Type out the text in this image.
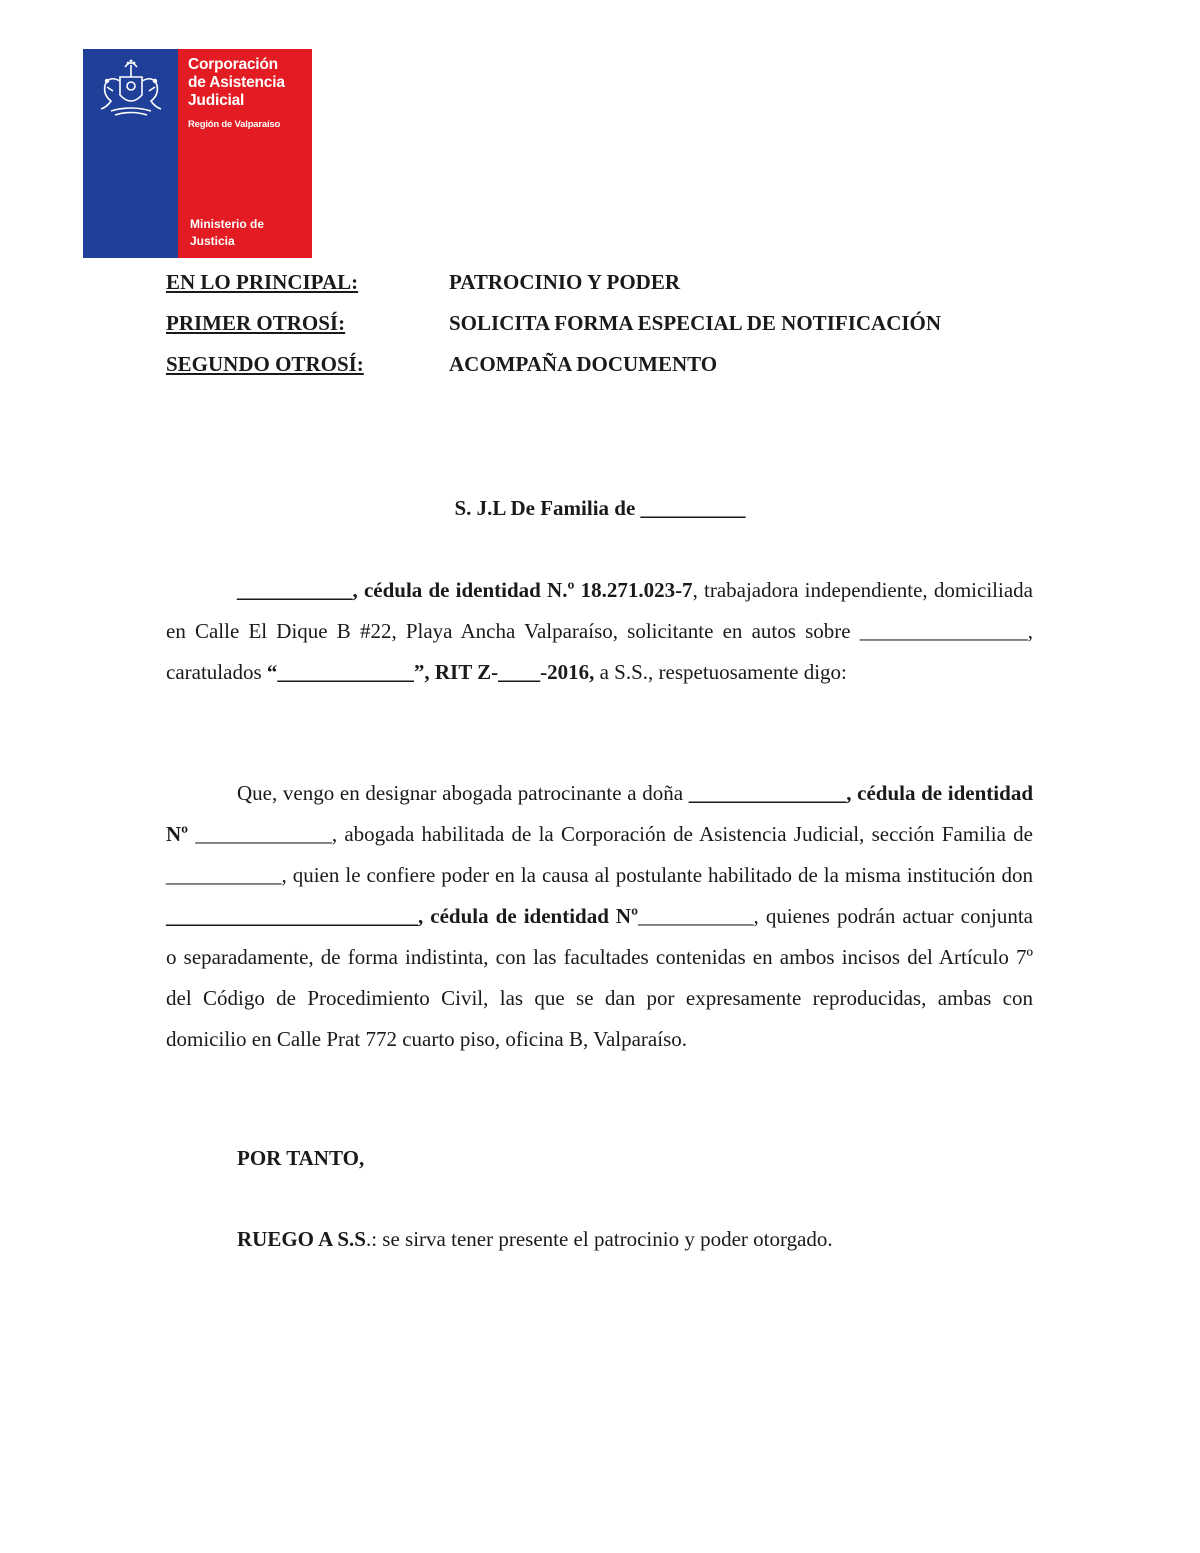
Corporación
de Asistencia
Judicial
Región de Valparaíso
Ministerio de
Justicia
EN LO PRINCIPAL:	PATROCINIO Y PODER
PRIMER OTROSÍ:	SOLICITA FORMA ESPECIAL DE NOTIFICACIÓN
SEGUNDO OTROSÍ:	ACOMPAÑA DOCUMENTO
S. J.L De Familia de __________
___________, cédula de identidad N.º 18.271.023-7, trabajadora independiente, domiciliada en Calle El Dique B #22, Playa Ancha Valparaíso, solicitante en autos sobre ________________, caratulados “_____________”, RIT Z-____-2016, a S.S., respetuosamente digo:
Que, vengo en designar abogada patrocinante a doña _______________, cédula de identidad Nº _____________, abogada habilitada de la Corporación de Asistencia Judicial, sección Familia de ___________, quien le confiere poder en la causa al postulante habilitado de la misma institución don ________________________, cédula de identidad Nº___________, quienes podrán actuar conjunta o separadamente, de forma indistinta, con las facultades contenidas en ambos incisos del Artículo 7º del Código de Procedimiento Civil, las que se dan por expresamente reproducidas, ambas con domicilio en Calle Prat 772 cuarto piso, oficina B, Valparaíso.
POR TANTO,
RUEGO A S.S.: se sirva tener presente el patrocinio y poder otorgado.
